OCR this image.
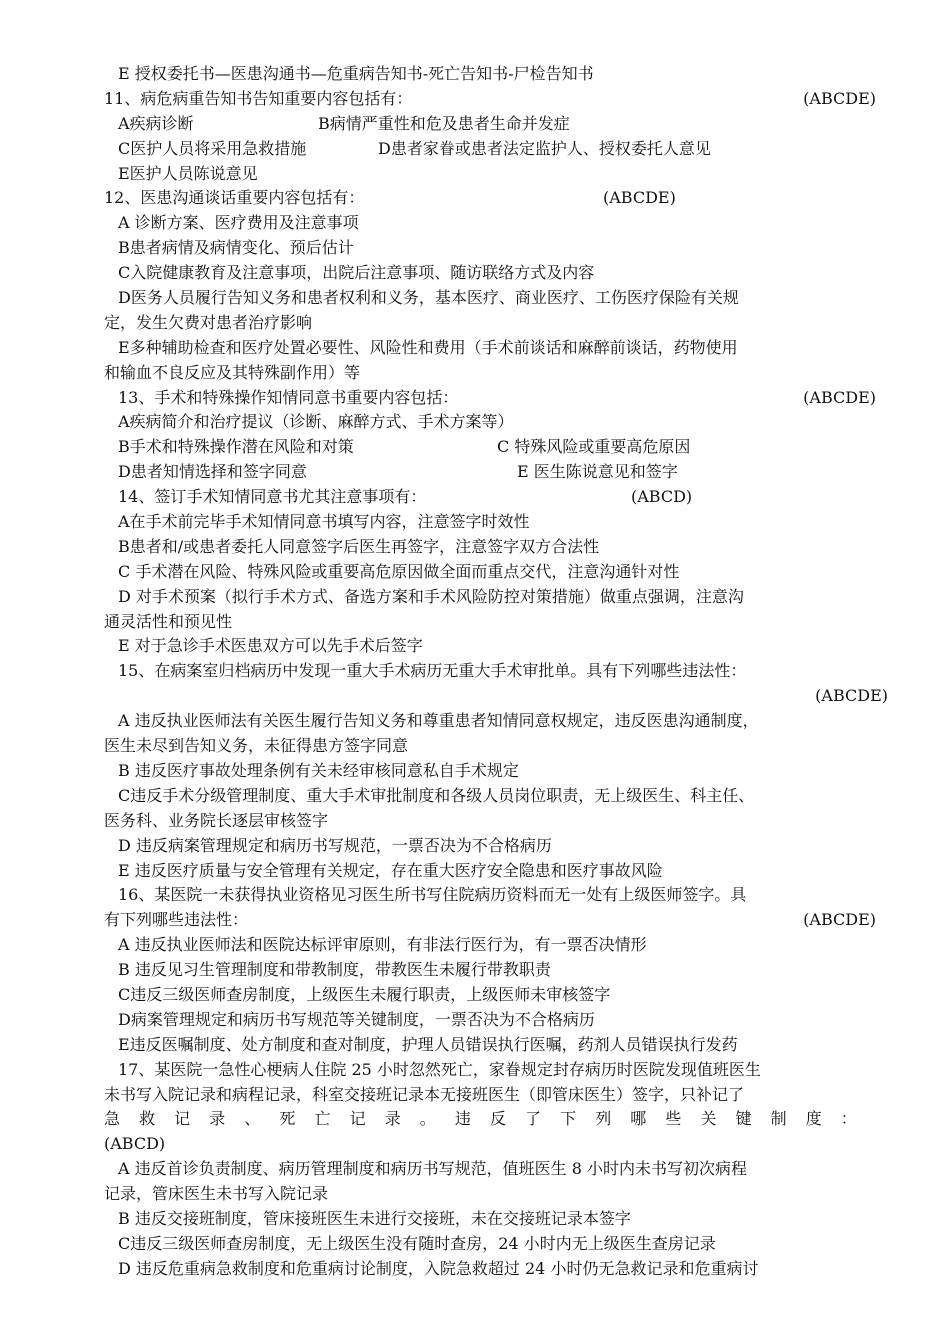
E 授权委托书—医患沟通书—危重病告知书-死亡告知书-尸检告知书
11、病危病重告知书告知重要内容包括有：	(ABCDE)
A疾病诊断	B病情严重性和危及患者生命并发症
C医护人员将采用急救措施	D患者家眷或患者法定监护人、授权委托人意见
E医护人员陈说意见
12、医患沟通谈话重要内容包括有：	(ABCDE)
A 诊断方案、医疗费用及注意事项
B患者病情及病情变化、预后估计
C入院健康教育及注意事项，出院后注意事项、随访联络方式及内容
D医务人员履行告知义务和患者权利和义务，基本医疗、商业医疗、工伤医疗保险有关规
定，发生欠费对患者治疗影响
E多种辅助检查和医疗处置必要性、风险性和费用（手术前谈话和麻醉前谈话，药物使用
和输血不良反应及其特殊副作用）等
13、手术和特殊操作知情同意书重要内容包括：	(ABCDE)
A疾病简介和治疗提议（诊断、麻醉方式、手术方案等）
B手术和特殊操作潜在风险和对策	C 特殊风险或重要高危原因
D患者知情选择和签字同意	E 医生陈说意见和签字
14、签订手术知情同意书尤其注意事项有：	(ABCD)
A在手术前完毕手术知情同意书填写内容，注意签字时效性
B患者和/或患者委托人同意签字后医生再签字，注意签字双方合法性
C 手术潜在风险、特殊风险或重要高危原因做全面而重点交代，注意沟通针对性
D 对手术预案（拟行手术方式、备选方案和手术风险防控对策措施）做重点强调，注意沟
通灵活性和预见性
E 对于急诊手术医患双方可以先手术后签字
15、在病案室归档病历中发现一重大手术病历无重大手术审批单。具有下列哪些违法性：
(ABCDE)
A 违反执业医师法有关医生履行告知义务和尊重患者知情同意权规定，违反医患沟通制度，
医生未尽到告知义务，未征得患方签字同意
B 违反医疗事故处理条例有关未经审核同意私自手术规定
C违反手术分级管理制度、重大手术审批制度和各级人员岗位职责，无上级医生、科主任、
医务科、业务院长逐层审核签字
D 违反病案管理规定和病历书写规范，一票否决为不合格病历
E 违反医疗质量与安全管理有关规定，存在重大医疗安全隐患和医疗事故风险
16、某医院一未获得执业资格见习医生所书写住院病历资料而无一处有上级医师签字。具
有下列哪些违法性：	(ABCDE)
A 违反执业医师法和医院达标评审原则，有非法行医行为，有一票否决情形
B 违反见习生管理制度和带教制度，带教医生未履行带教职责
C违反三级医师查房制度，上级医生未履行职责，上级医师未审核签字
D病案管理规定和病历书写规范等关键制度，一票否决为不合格病历
E违反医嘱制度、处方制度和查对制度，护理人员错误执行医嘱，药剂人员错误执行发药
17、某医院一急性心梗病人住院 25 小时忽然死亡，家眷规定封存病历时医院发现值班医生
未书写入院记录和病程记录，科室交接班记录本无接班医生（即管床医生）签字，只补记了
急 救 记 录 、 死 亡 记 录 。 违 反 了 下 列 哪 些 关 键 制 度 ：
(ABCD)
A 违反首诊负责制度、病历管理制度和病历书写规范，值班医生 8 小时内未书写初次病程
记录，管床医生未书写入院记录
B 违反交接班制度，管床接班医生未进行交接班，未在交接班记录本签字
C违反三级医师查房制度，无上级医生没有随时查房，24 小时内无上级医生查房记录
D 违反危重病急救制度和危重病讨论制度，入院急救超过 24 小时仍无急救记录和危重病讨
